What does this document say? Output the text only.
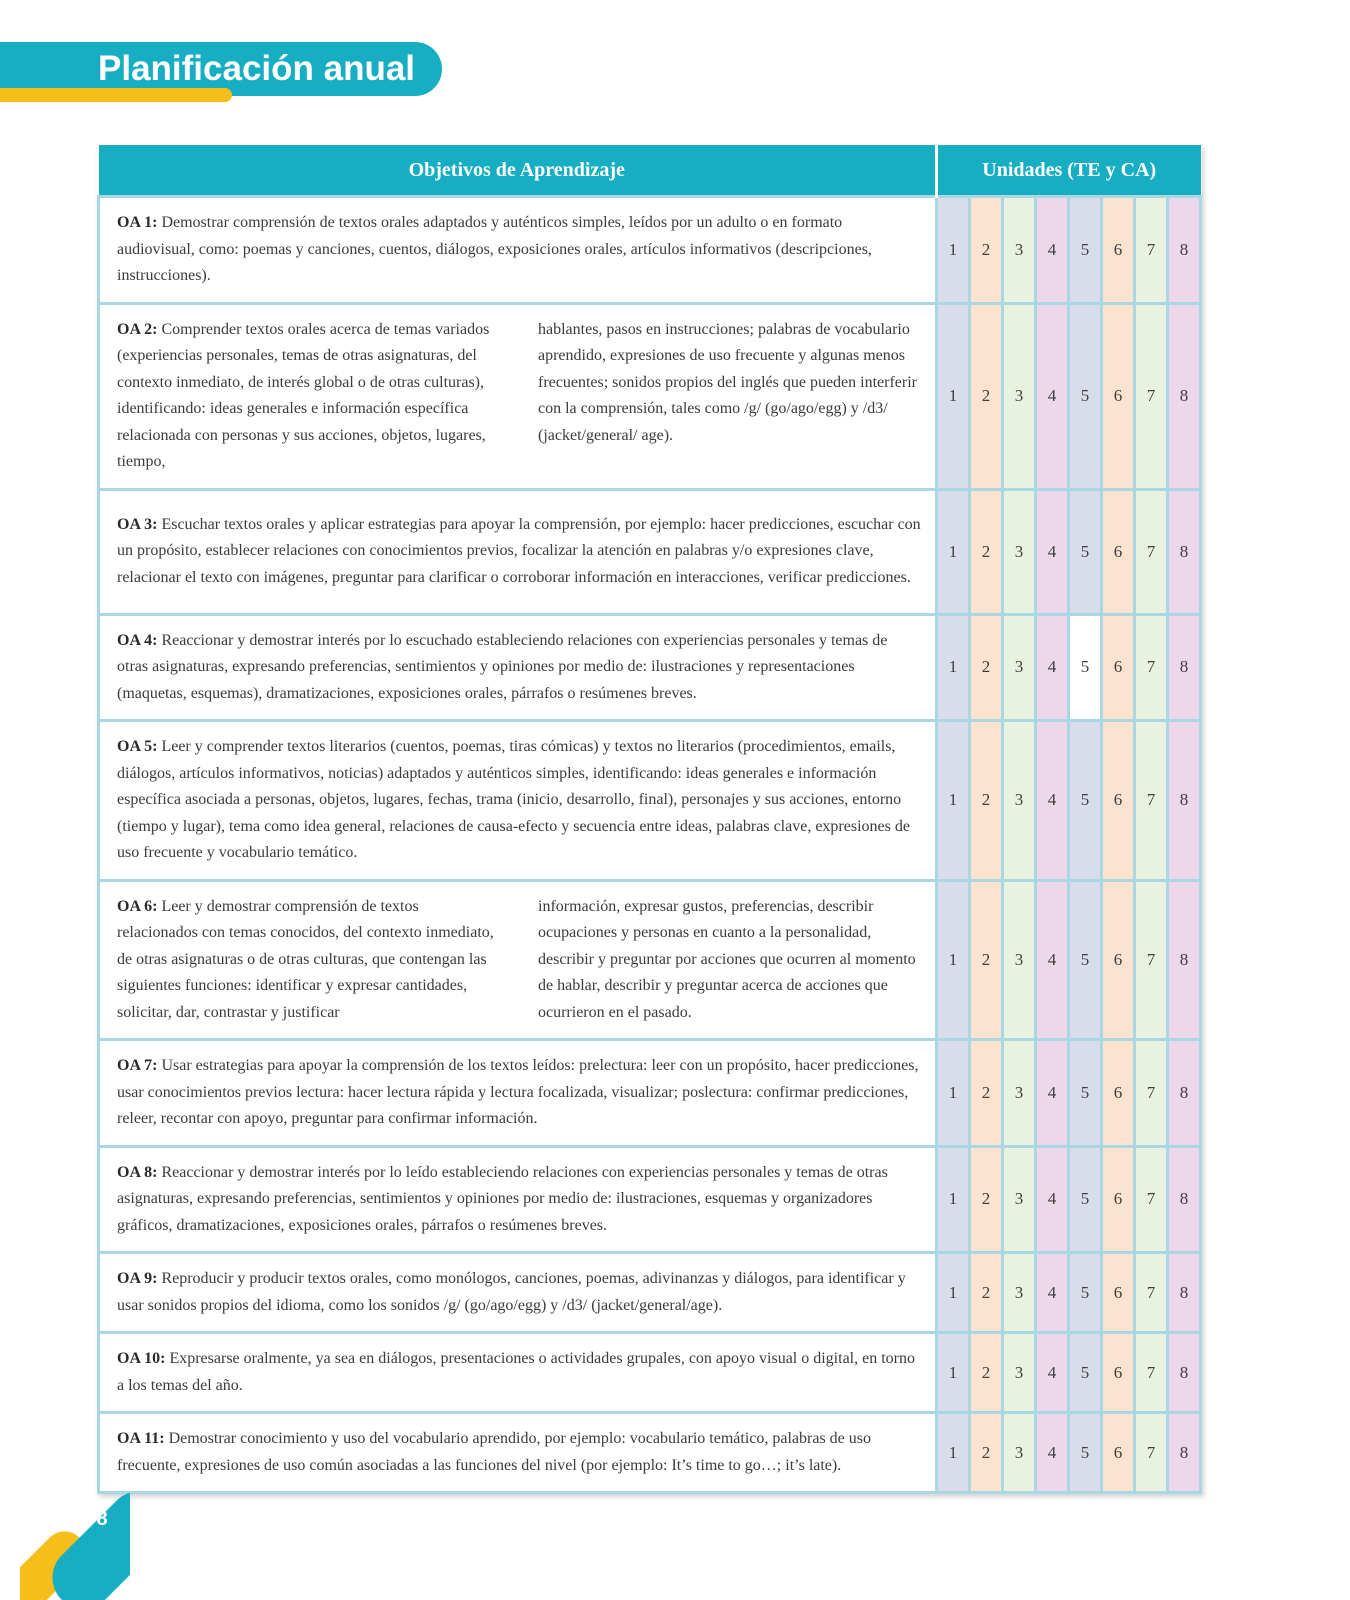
Planificación anual
Objetivos de Aprendizaje	Unidades (TE y CA)							
OA 1: Demostrar comprensión de textos orales adaptados y auténticos simples, leídos por un adulto o en formato audiovisual, como: poemas y canciones, cuentos, diálogos, exposiciones orales, artículos informativos (descripciones, instrucciones).	1	2	3	4	5	6	7	8

OA 2: Comprender textos orales acerca de temas variados (experiencias personales, temas de otras asignaturas, del contexto inmediato, de interés global o de otras culturas), identificando: ideas generales e información específica relacionada con personas y sus acciones, objetos, lugares, tiempo,
hablantes, pasos en instrucciones; palabras de vocabulario aprendido, expresiones de uso frecuente y algunas menos frecuentes; sonidos propios del inglés que pueden interferir con la comprensión, tales como /g/ (go/ago/egg) y /d3/ (jacket/general/ age).	1	2	3	4	5	6	7	8
OA 3: Escuchar textos orales y aplicar estrategias para apoyar la comprensión, por ejemplo: hacer predicciones, escuchar con un propósito, establecer relaciones con conocimientos previos, focalizar la atención en palabras y/o expresiones clave, relacionar el texto con imágenes, preguntar para clarificar o corroborar información en interacciones, verificar predicciones.	1	2	3	4	5	6	7	8
OA 4: Reaccionar y demostrar interés por lo escuchado estableciendo relaciones con experiencias personales y temas de otras asignaturas, expresando preferencias, sentimientos y opiniones por medio de: ilustraciones y representaciones (maquetas, esquemas), dramatizaciones, exposiciones orales, párrafos o resúmenes breves.	1	2	3	4	5	6	7	8
OA 5: Leer y comprender textos literarios (cuentos, poemas, tiras cómicas) y textos no literarios (procedimientos, emails, diálogos, artículos informativos, noticias) adaptados y auténticos simples, identificando: ideas generales e información específica asociada a personas, objetos, lugares, fechas, trama (inicio, desarrollo, final), personajes y sus acciones, entorno (tiempo y lugar), tema como idea general, relaciones de causa-efecto y secuencia entre ideas, palabras clave, expresiones de uso frecuente y vocabulario temático.	1	2	3	4	5	6	7	8

OA 6: Leer y demostrar comprensión de textos relacionados con temas conocidos, del contexto inmediato, de otras asignaturas o de otras culturas, que contengan las siguientes funciones: identificar y expresar cantidades, solicitar, dar, contrastar y justificar
información, expresar gustos, preferencias, describir ocupaciones y personas en cuanto a la personalidad, describir y preguntar por acciones que ocurren al momento de hablar, describir y preguntar acerca de acciones que ocurrieron en el pasado.	1	2	3	4	5	6	7	8
OA 7: Usar estrategias para apoyar la comprensión de los textos leídos: prelectura: leer con un propósito, hacer predicciones, usar conocimientos previos lectura: hacer lectura rápida y lectura focalizada, visualizar; poslectura: confirmar predicciones, releer, recontar con apoyo, preguntar para confirmar información.	1	2	3	4	5	6	7	8
OA 8: Reaccionar y demostrar interés por lo leído estableciendo relaciones con experiencias personales y temas de otras asignaturas, expresando preferencias, sentimientos y opiniones por medio de: ilustraciones, esquemas y organizadores gráficos, dramatizaciones, exposiciones orales, párrafos o resúmenes breves.	1	2	3	4	5	6	7	8
OA 9: Reproducir y producir textos orales, como monólogos, canciones, poemas, adivinanzas y diálogos, para identificar y usar sonidos propios del idioma, como los sonidos /g/ (go/ago/egg) y /d3/ (jacket/general/age).	1	2	3	4	5	6	7	8
OA 10: Expresarse oralmente, ya sea en diálogos, presentaciones o actividades grupales, con apoyo visual o digital, en torno a los temas del año.	1	2	3	4	5	6	7	8
OA 11: Demostrar conocimiento y uso del vocabulario aprendido, por ejemplo: vocabulario temático, palabras de uso frecuente, expresiones de uso común asociadas a las funciones del nivel (por ejemplo: It’s time to go…; it’s late).	1	2	3	4	5	6	7	8
8
